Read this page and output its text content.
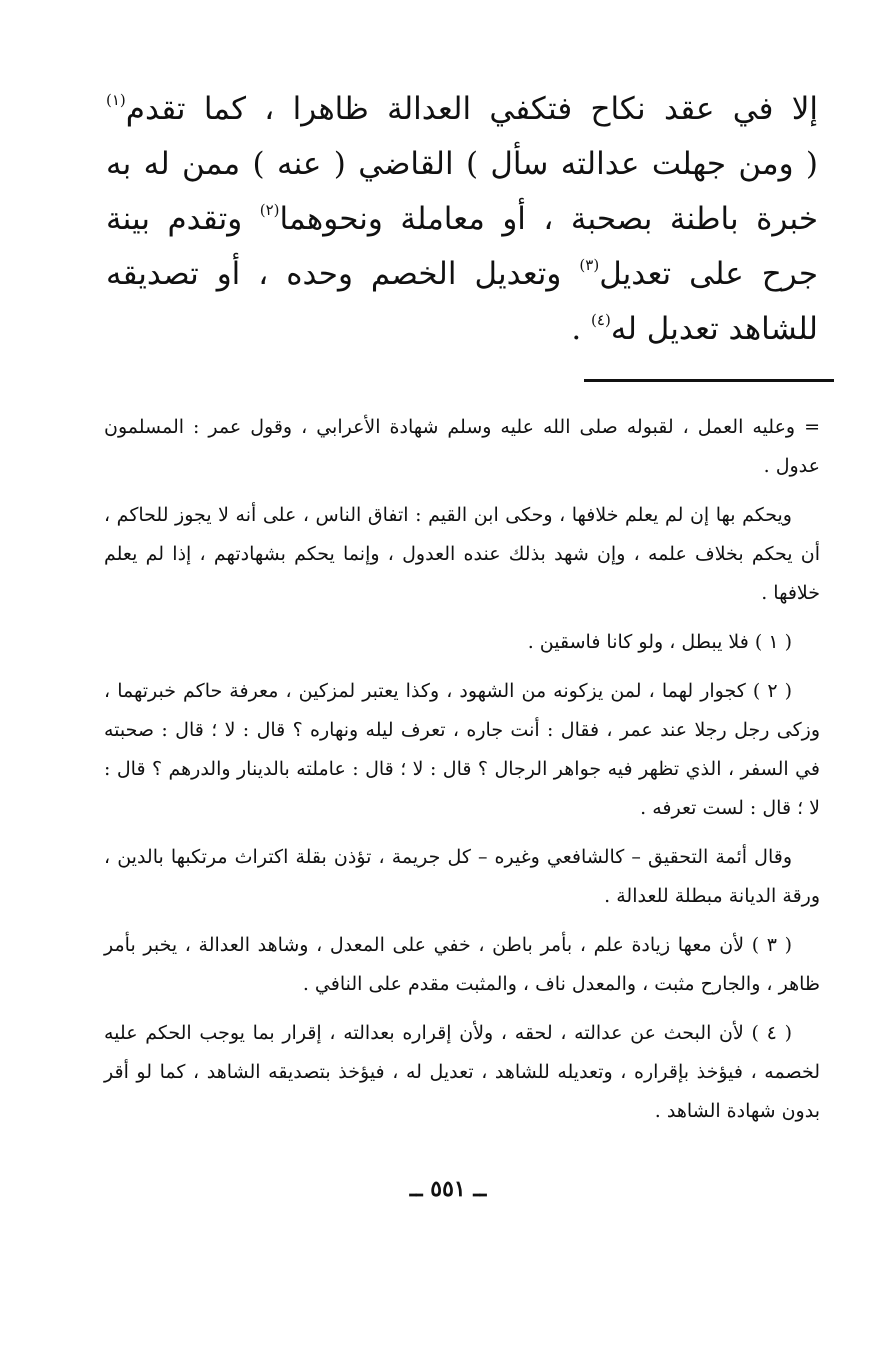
إلا في عقد نكاح فتكفي العدالة ظاهرا ، كما تقدم$^{(١)}$
( ومن جهلت عدالته سأل ) القاضي ( عنه ) ممن له به
خبرة باطنة بصحبة ، أو معاملة ونحوهما$^{(٢)}$ وتقدم بينة
جرح على تعديل$^{(٣)}$ وتعديل الخصم وحده ، أو تصديقه
للشاهد تعديل له$^{(٤)}$ .

= وعليه العمل ، لقبوله صلى الله عليه وسلم شهادة الأعرابي ، وقول عمر : المسلمون عدول .

ويحكم بها إن لم يعلم خلافها ، وحكى ابن القيم : اتفاق الناس ، على أنه لا يجوز للحاكم ، أن يحكم بخلاف علمه ، وإن شهد بذلك عنده العدول ، وإنما يحكم بشهادتهم ، إذا لم يعلم خلافها .

( ١ ) فلا يبطل ، ولو كانا فاسقين .

( ٢ ) كجوار لهما ، لمن يزكونه من الشهود ، وكذا يعتبر لمزكين ، معرفة حاكم خبرتهما ، وزكى رجل رجلا عند عمر ، فقال : أنت جاره ، تعرف ليله ونهاره ؟ قال : لا ؛ قال : صحبته في السفر ، الذي تظهر فيه جواهر الرجال ؟ قال : لا ؛ قال : عاملته بالدينار والدرهم ؟ قال : لا ؛ قال : لست تعرفه .

وقال أئمة التحقيق – كالشافعي وغيره – كل جريمة ، تؤذن بقلة اكتراث مرتكبها بالدين ، ورقة الديانة مبطلة للعدالة .

( ٣ ) لأن معها زيادة علم ، بأمر باطن ، خفي على المعدل ، وشاهد العدالة ، يخبر بأمر ظاهر ، والجارح مثبت ، والمعدل ناف ، والمثبت مقدم على النافي .

( ٤ ) لأن البحث عن عدالته ، لحقه ، ولأن إقراره بعدالته ، إقرار بما يوجب الحكم عليه لخصمه ، فيؤخذ بإقراره ، وتعديله للشاهد ، تعديل له ، فيؤخذ بتصديقه الشاهد ، كما لو أقر بدون شهادة الشاهد .

ــ ٥٥١ ــ
